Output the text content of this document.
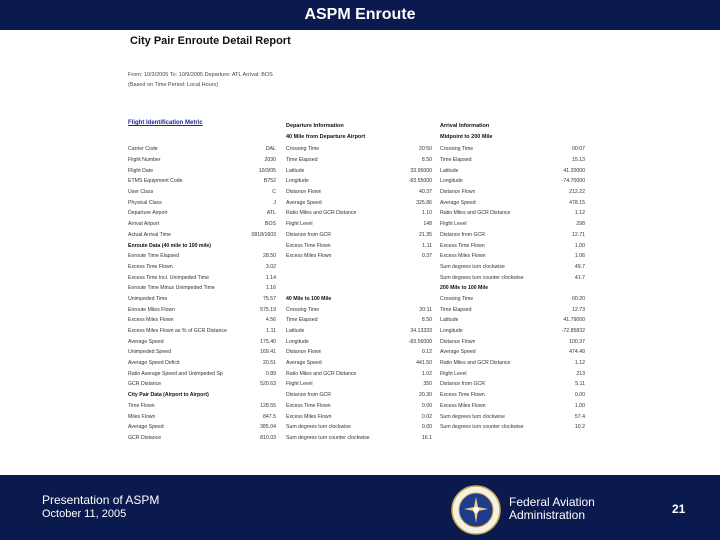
ASPM Enroute
City Pair Enroute Detail Report
From: 10/3/2005 To: 10/9/2005 Departure: ATL Arrival: BOS
(Based on Time Period: Local Hours)
Flight Identification Metric	Departure Information
40 Mile from Departure Airport
Arrival Information
Midpoint to 200 Mile
Carrier Code	DAL
Flight Number	2030
Flight Date	10/3/05
ETMS Equipment Code	B752
User Class	C
Physical Class	J
Departure Airport	ATL
Arrival Airport	BOS
Actual Arrival Time	0818/1603
Enroute Data (40 mile to 100 mile)
Enroute Time Elapsed	28.50
Excess Time Flown	3.02
Excess Time Incl. Unimpeded Time	1.14
Enroute Time Minus Unimpeded Time	1.16
Unimpeded Time	75.57
Enroute Miles Flown	575.19
Excess Miles Flown	4.56
Excess Miles Flown as % of GCR Distance	1.11
Average Speed	175.40
Unimpeded Speed	169.41
Average Speed Deficit	20.51
Ratio Average Speed and Unimpeded Sp	0.89
GCR Distance	520.63
City Pair Data (Airport to Airport)
Time Flown	128.55
Miles Flown	847.5
Average Speed	385.04
GCR Distance	810.03
Crossing Time	20:50
Time Elapsed	8.50
Latitude	33.95000
Longitude	-83.55000
Distance Flown	40.37
Average Speed	325.86
Ratio Miles and GCR Distance	1.10
Flight Level	148
Distance from GCR	21.35
Excess Time Flown	1.11
Excess Miles Flown	0.37
40 Mile to 100 Mile
Crossing Time	20:11
Time Elapsed	8.50
Latitude	34.13333
Longitude	-83.56000
Distance Flown	0.12
Average Speed	441.50
Ratio Miles and GCR Distance	1.02
Flight Level	350
Distance from GCR	20.30
Excess Time Flown	0.00
Excess Miles Flown	0.02
Sum degrees turn clockwise	0.00
Sum degrees turn counter clockwise	16.1
Crossing Time	00:07
Time Elapsed	15.13
Latitude	41.20000
Longitude	-74.70000
Distance Flown	212.22
Average Speed	478.15
Ratio Miles and GCR Distance	1.12
Flight Level	298
Distance from GCR	12.71
Excess Time Flown	1.00
Excess Miles Flown	1.06
Sum degrees turn clockwise	49.7
Sum degrees turn counter clockwise	41.7
200 Mile to 100 Mile
Crossing Time	00:20
Time Elapsed	12.73
Latitude	41.79000
Longitude	-72.85832
Distance Flown	100.37
Average Speed	474.49
Ratio Miles and GCR Distance	1.12
Flight Level	213
Distance from GCR	5.11
Excess Time Flown	0.00
Excess Miles Flown	1.00
Sum degrees turn clockwise	57.4
Sum degrees turn counter clockwise	10.2
Presentation of ASPM
October 11, 2005
Federal Aviation
Administration	21
